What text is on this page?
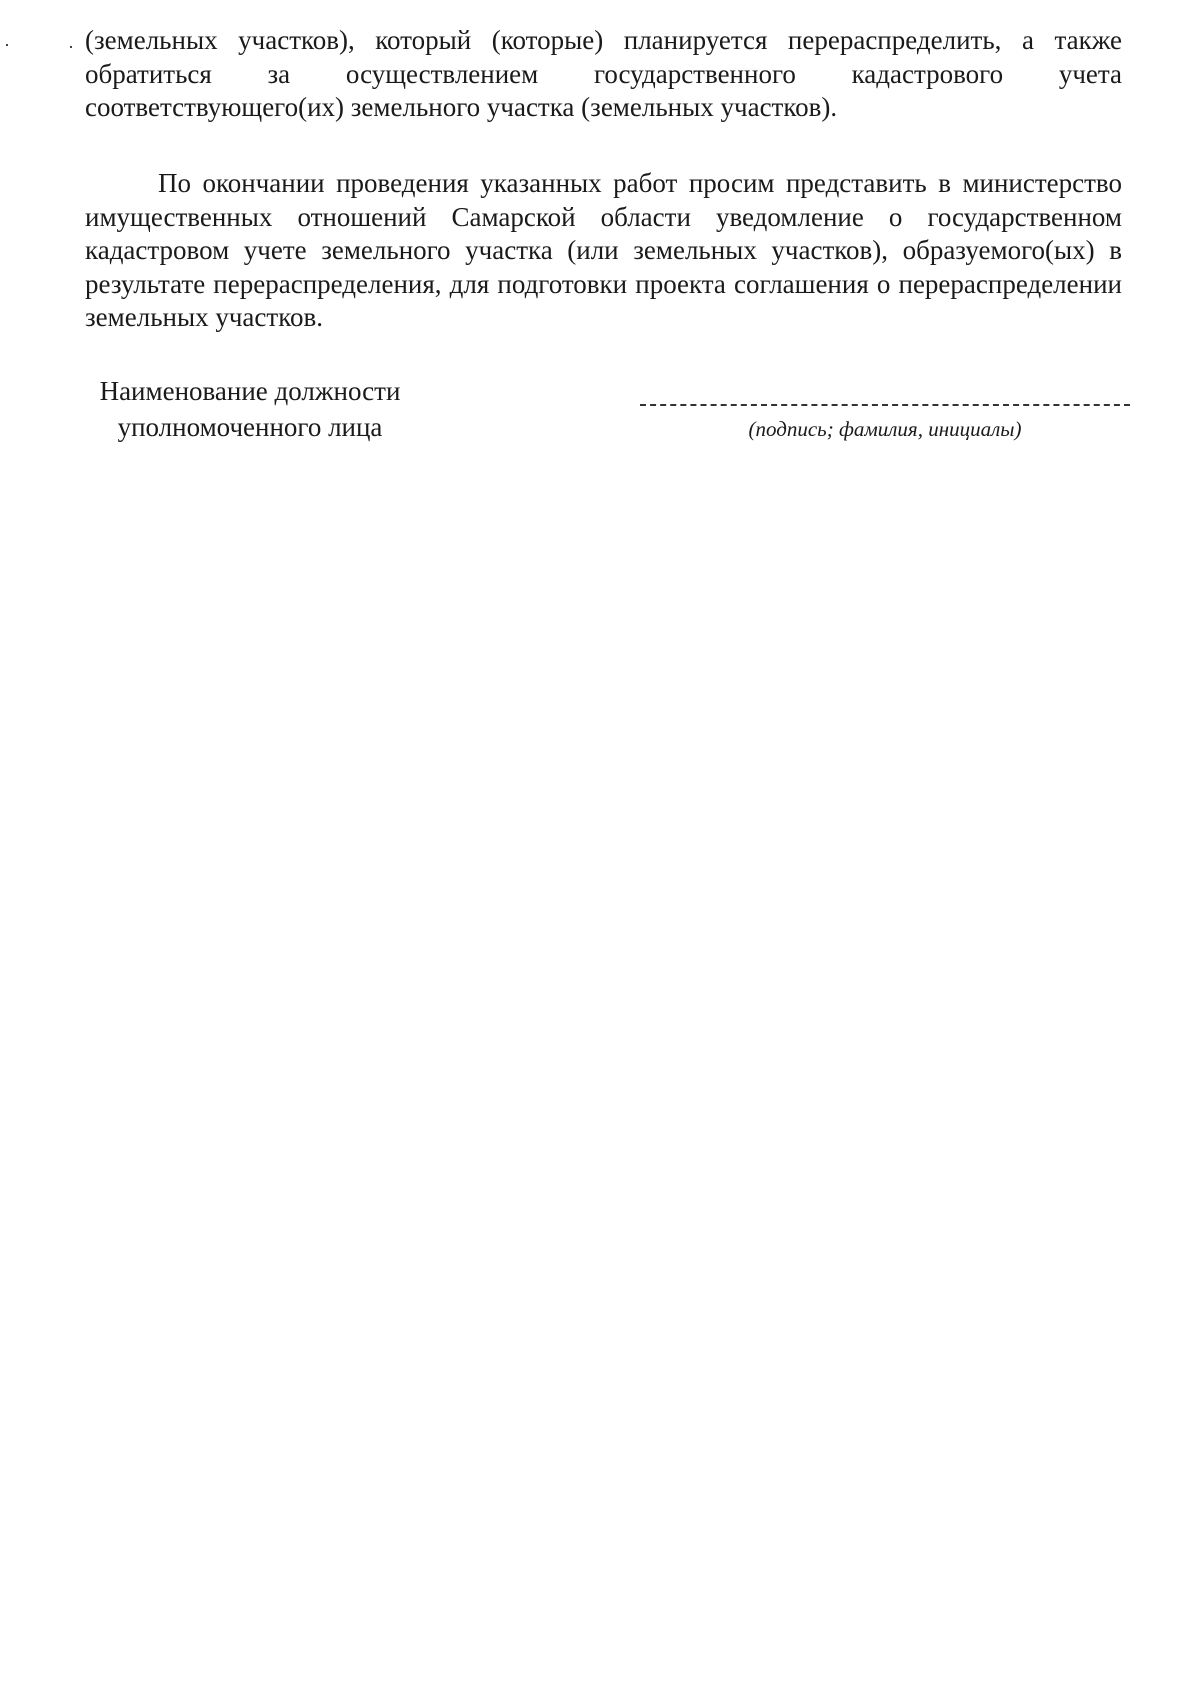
(земельных участков), который (которые) планируется перераспределить, а также обратиться за осуществлением государственного кадастрового учета соответствующего(их) земельного участка (земельных участков).

По окончании проведения указанных работ просим представить в министерство имущественных отношений Самарской области уведомление о государственном кадастровом учете земельного участка (или земельных участков), образуемого(ых) в результате перераспределения, для подготовки проекта соглашения о перераспределении земельных участков.

Наименование должности
уполномоченного лица	(подпись; фамилия, инициалы)
